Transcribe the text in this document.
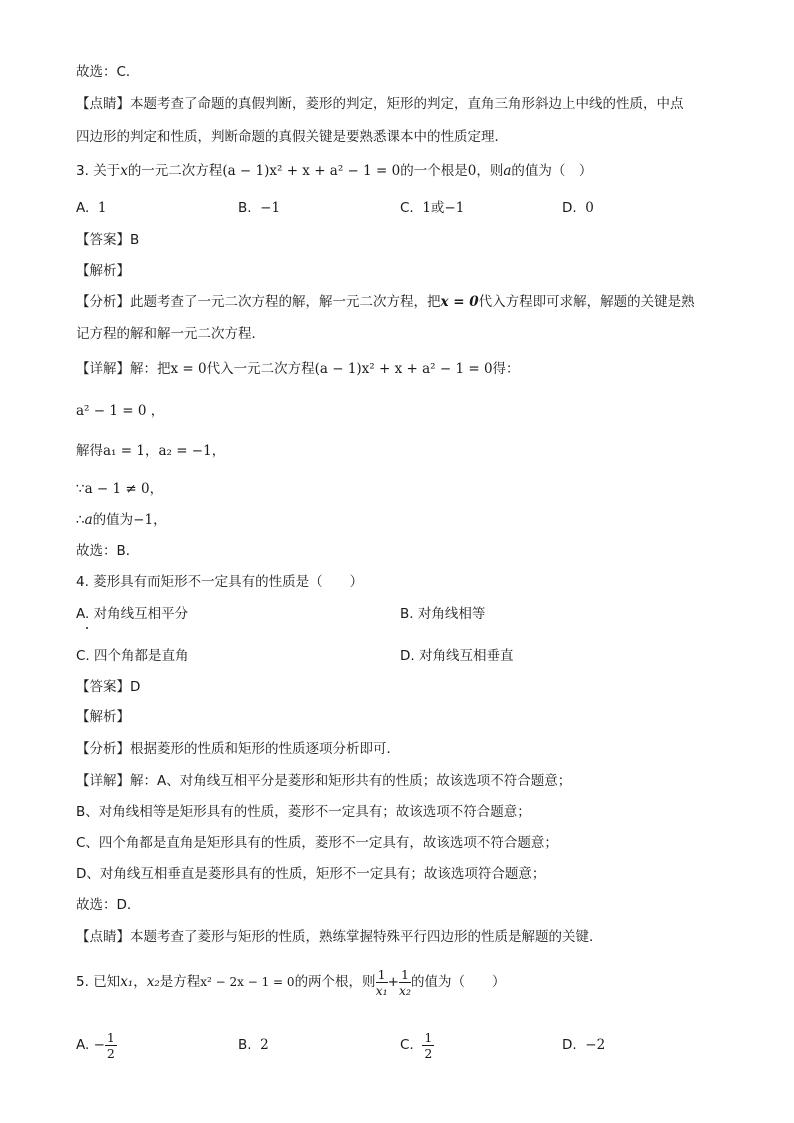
故选：C．
【点睛】本题考查了命题的真假判断，菱形的判定，矩形的判定，直角三角形斜边上中线的性质，中点
四边形的判定和性质，判断命题的真假关键是要熟悉课本中的性质定理．
3. 关于x的一元二次方程(a − 1)x² + x + a² − 1 = 0的一个根是0，则a的值为（　）
A. 1	B. −1	C. 1或−1	D. 0
【答案】B
【解析】
【分析】此题考查了一元二次方程的解，解一元二次方程，把x = 0代入方程即可求解，解题的关键是熟
记方程的解和解一元二次方程．
【详解】解：把x = 0代入一元二次方程(a − 1)x² + x + a² − 1 = 0得：
a² − 1 = 0 ，
解得a₁ = 1，a₂ = −1，
∵a − 1 ≠ 0，
∴a的值为−1，
故选：B．
4. 菱形具有而矩形不一定具有的性质是（　　）
A. 对角线互相平分	B. 对角线相等
C. 四个角都是直角	D. 对角线互相垂直
【答案】D
【解析】
【分析】根据菱形的性质和矩形的性质逐项分析即可．
【详解】解：A、对角线互相平分是菱形和矩形共有的性质；故该选项不符合题意；
B、对角线相等是矩形具有的性质，菱形不一定具有；故该选项不符合题意；
C、四个角都是直角是矩形具有的性质，菱形不一定具有，故该选项不符合题意；
D、对角线互相垂直是菱形具有的性质，矩形不一定具有；故该选项符合题意；
故选：D．
【点睛】本题考查了菱形与矩形的性质，熟练掌握特殊平行四边形的性质是解题的关键．
5. 已知x₁，x₂是方程x² − 2x − 1 = 0的两个根，则 $\frac{1}{\text{x₁}} + \frac{1}{\text{x₂}}$ 的值为（　　）
A. − $\frac{1}{2}$	B. 2	C. $\frac{1}{2}$	D. −2
